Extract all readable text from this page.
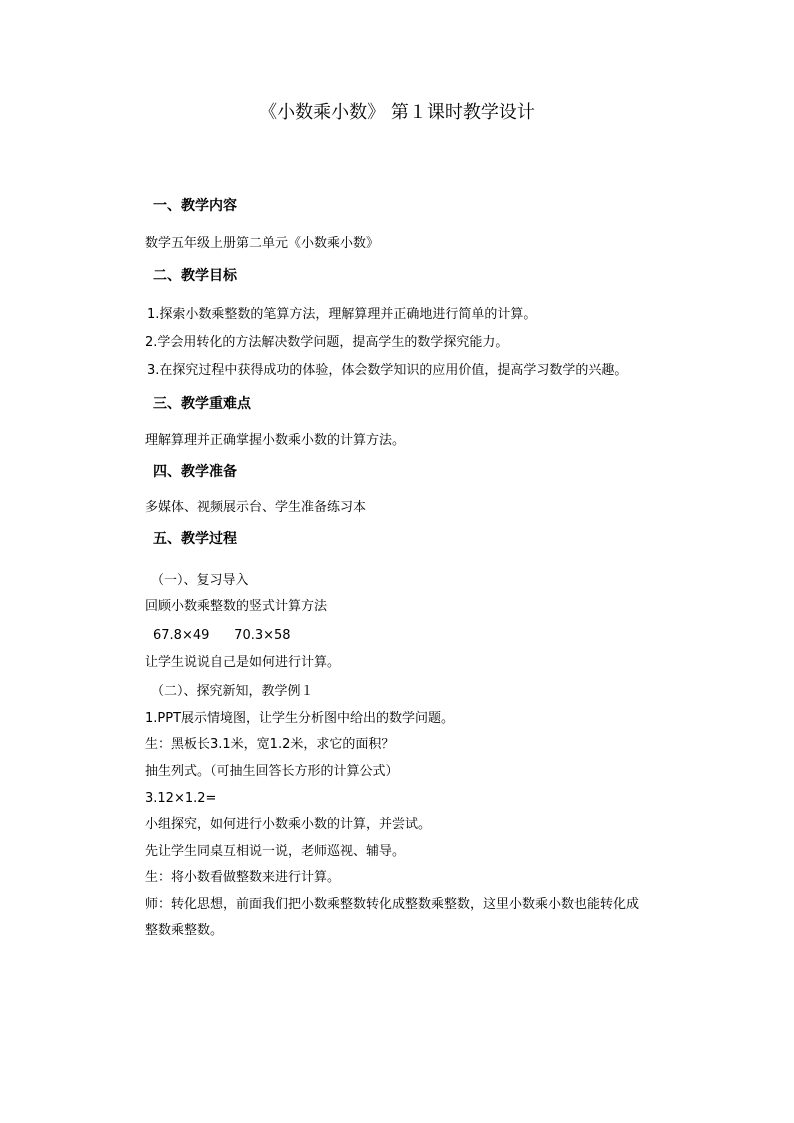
《小数乘小数》 第１课时教学设计
一、教学内容
数学五年级上册第二单元《小数乘小数》
二、教学目标
1.探索小数乘整数的笔算方法，理解算理并正确地进行简单的计算。
2.学会用转化的方法解决数学问题，提高学生的数学探究能力。
3.在探究过程中获得成功的体验，体会数学知识的应用价值，提高学习数学的兴趣。
三、教学重难点
理解算理并正确掌握小数乘小数的计算方法。
四、教学准备
多媒体、视频展示台、学生准备练习本
五、教学过程
（一）、复习导入
回顾小数乘整数的竖式计算方法
67.8×49      70.3×58
让学生说说自己是如何进行计算。
（二）、探究新知，教学例１
1.PPT展示情境图，让学生分析图中给出的数学问题。
生：黑板长3.1米，宽1.2米，求它的面积？
抽生列式。（可抽生回答长方形的计算公式）
3.12×1.2=
小组探究，如何进行小数乘小数的计算，并尝试。
先让学生同桌互相说一说，老师巡视、辅导。
生：将小数看做整数来进行计算。
师：转化思想，前面我们把小数乘整数转化成整数乘整数，这里小数乘小数也能转化成
整数乘整数。
